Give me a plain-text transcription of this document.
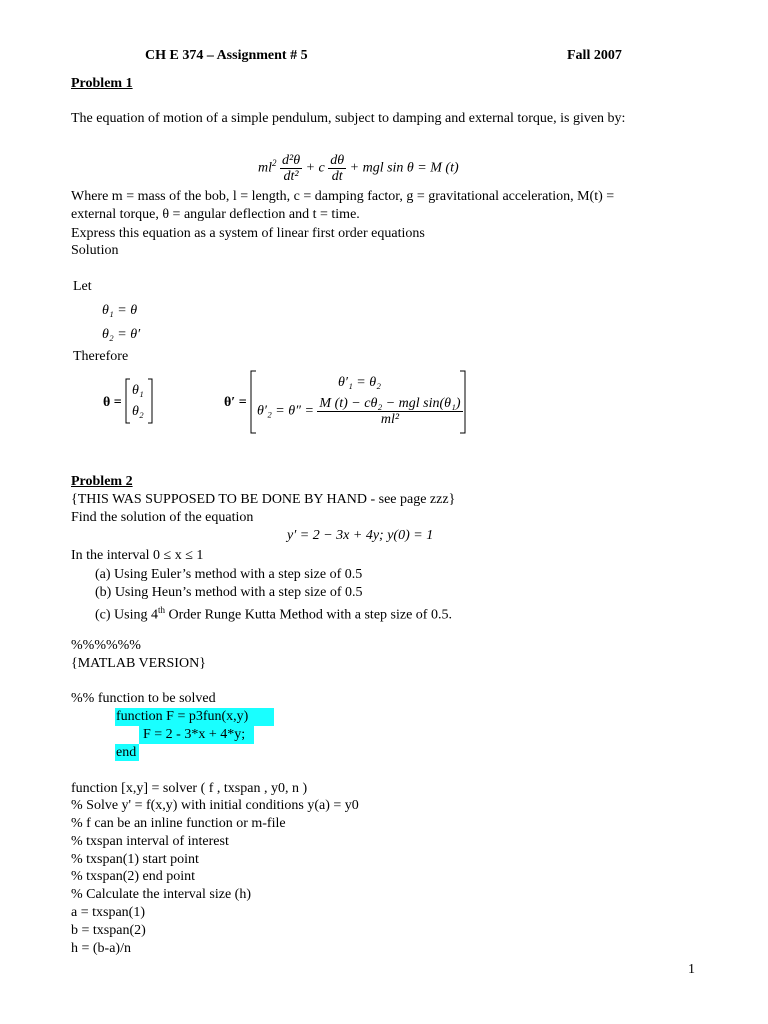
CH E 374 – Assignment # 5	Fall 2007
Problem 1
The equation of motion of a simple pendulum, subject to damping and external torque, is given by:
$ml^2 \frac{\text{d²θ}}{\text{dt²}} + c \frac{d\theta}{dt}$ + mgl sin θ = M (t)
Where m = mass of the bob, l = length, c = damping factor, g = gravitational acceleration, M(t) =
external torque, θ = angular deflection and t = time.
Express this equation as a system of linear first order equations
Solution
Let
θ₁ = θ
θ₂ = θ′
Therefore
θ =
θ₁
θ₂
θ′ =
θ′₁ = θ₂
$\theta'_2 = \theta'' = \frac{\text{M (t) − cθ₂ − mgl sin(θ₁)}}{\text{ml²}}$
Problem 2
{THIS WAS SUPPOSED TO BE DONE BY HAND - see page zzz}
Find the solution of the equation
y′ = 2 − 3x + 4y; y(0) = 1
In the interval 0 ≤ x ≤ 1
(a) Using Euler’s method with a step size of 0.5
(b) Using Heun’s method with a step size of 0.5
(c) Using 4th Order Runge Kutta Method with a step size of 0.5.
%%%%%%
{MATLAB VERSION}
%% function to be solved
function F = p3fun(x,y)
F = 2 - 3*x + 4*y;
end
function [x,y] = solver ( f , txspan , y0, n )
% Solve y' = f(x,y) with initial conditions y(a) = y0
% f can be an inline function or m-file
% txspan interval of interest
% txspan(1) start point
% txspan(2) end point
% Calculate the interval size (h)
a = txspan(1)
b = txspan(2)
h = (b-a)/n
1
